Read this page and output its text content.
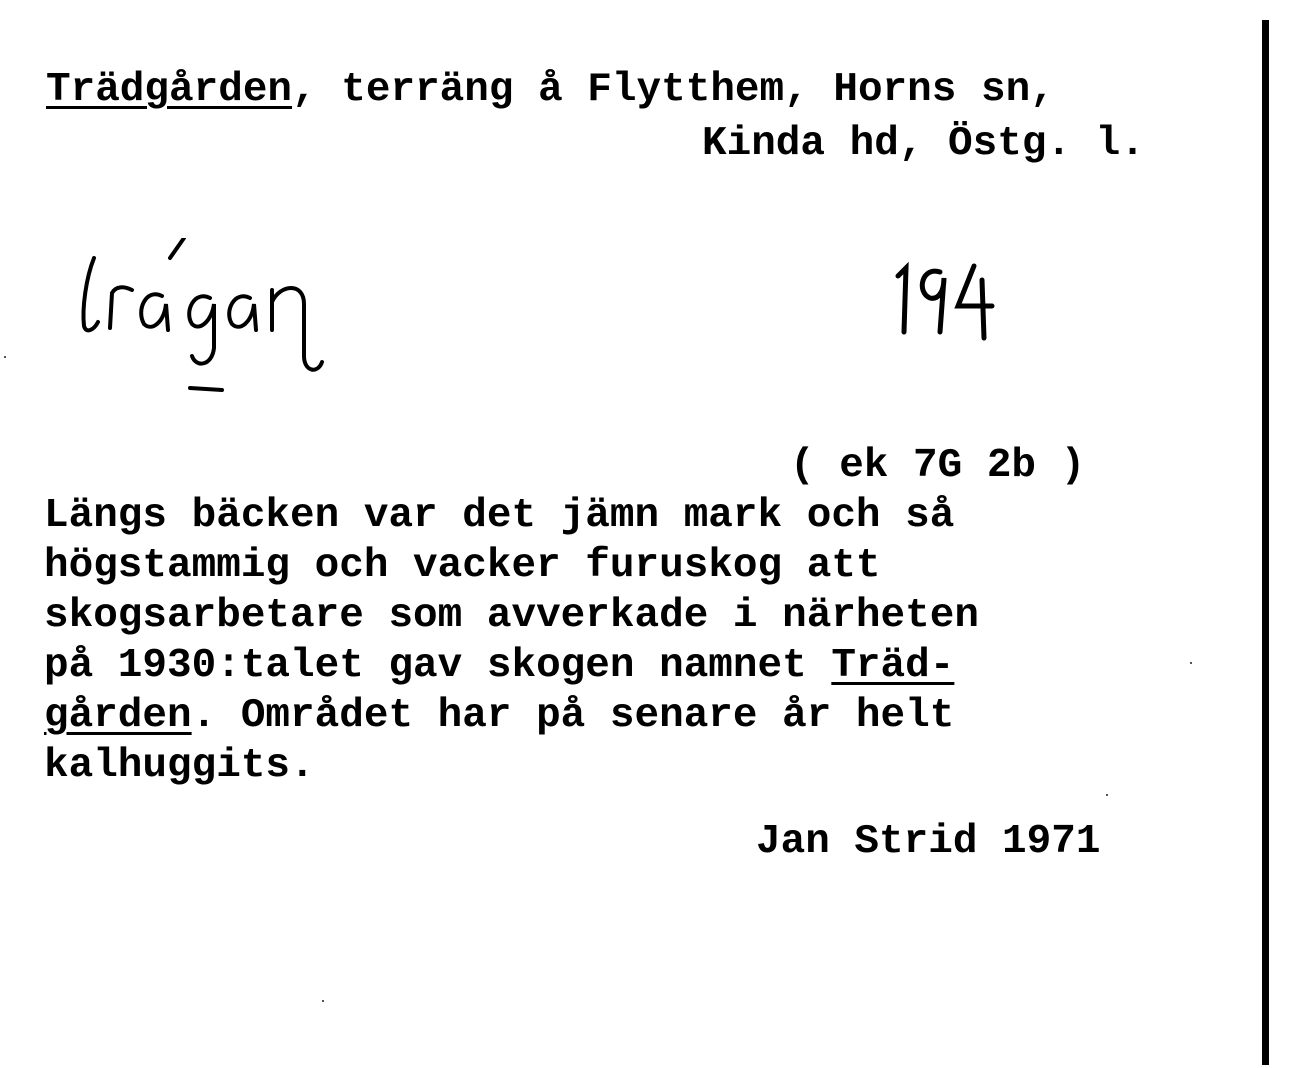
Trädgården, terräng å Flytthem, Horns sn,
Kinda hd, Östg. l.

( ek 7G 2b )
Längs bäcken var det jämn mark och så
högstammig och vacker furuskog att
skogsarbetare som avverkade i närheten
på 1930:talet gav skogen namnet Träd-
gården. Området har på senare år helt
kalhuggits.
Jan Strid 1971
